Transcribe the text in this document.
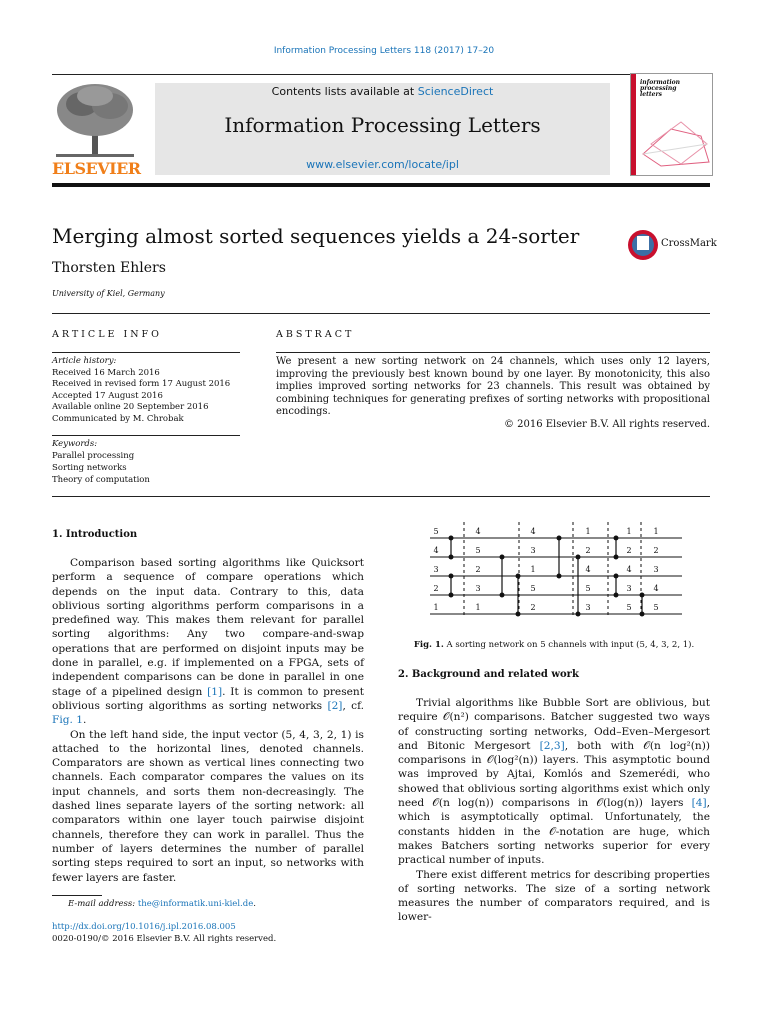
Information Processing Letters 118 (2017) 17–20
ELSEVIER
Contents lists available at ScienceDirect
Information Processing Letters
www.elsevier.com/locate/ipl
information processing letters
Merging almost sorted sequences yields a 24-sorter	CrossMark
Thorsten Ehlers
University of Kiel, Germany
ARTICLE INFO	ABSTRACT
Article history:
Received 16 March 2016
Received in revised form 17 August 2016
Accepted 17 August 2016
Available online 20 September 2016
Communicated by M. Chrobak
Keywords:
Parallel processing
Sorting networks
Theory of computation
We present a new sorting network on 24 channels, which uses only 12 layers, improving the previously best known bound by one layer. By monotonicity, this also implies improved sorting networks for 23 channels. This result was obtained by combining techniques for generating prefixes of sorting networks with propositional encodings.
© 2016 Elsevier B.V. All rights reserved.
1. Introduction

Comparison based sorting algorithms like Quicksort perform a sequence of compare operations which depends on the input data. Contrary to this, data oblivious sorting algorithms perform comparisons in a predefined way. This makes them relevant for parallel sorting algorithms: Any two compare-and-swap operations that are performed on disjoint inputs may be done in parallel, e.g. if implemented on a FPGA, sets of independent comparisons can be done in parallel in one stage of a pipelined design [1]. It is common to present oblivious sorting algorithms as sorting networks [2], cf. Fig. 1.

On the left hand side, the input vector (5, 4, 3, 2, 1) is attached to the horizontal lines, denoted channels. Comparators are shown as vertical lines connecting two channels. Each comparator compares the values on its input channels, and sorts them non-decreasingly. The dashed lines separate layers of the sorting network: all comparators within one layer touch pairwise disjoint channels, therefore they can work in parallel. Thus the number of layers determines the number of parallel sorting steps required to sort an input, so networks with fewer layers are faster.

E-mail address: the@informatik.uni-kiel.de.
http://dx.doi.org/10.1016/j.ipl.2016.08.005
0020-0190/© 2016 Elsevier B.V. All rights reserved.
5
4
3
2
1
4
5
2
3
1
4
3
1
5
2
1
2
4
5
3
1
2
4
3
5
1
2
3
4
5
Fig. 1. A sorting network on 5 channels with input (5, 4, 3, 2, 1).
2. Background and related work

Trivial algorithms like Bubble Sort are oblivious, but require 𝒪(n²) comparisons. Batcher suggested two ways of constructing sorting networks, Odd–Even–Mergesort and Bitonic Mergesort [2,3], both with 𝒪(n log²(n)) comparisons in 𝒪(log²(n)) layers. This asymptotic bound was improved by Ajtai, Komlós and Szemerédi, who showed that oblivious sorting algorithms exist which only need 𝒪(n log(n)) comparisons in 𝒪(log(n)) layers [4], which is asymptotically optimal. Unfortunately, the constants hidden in the 𝒪-notation are huge, which makes Batchers sorting networks superior for every practical number of inputs.

There exist different metrics for describing properties of sorting networks. The size of a sorting network measures the number of comparators required, and is lower-
